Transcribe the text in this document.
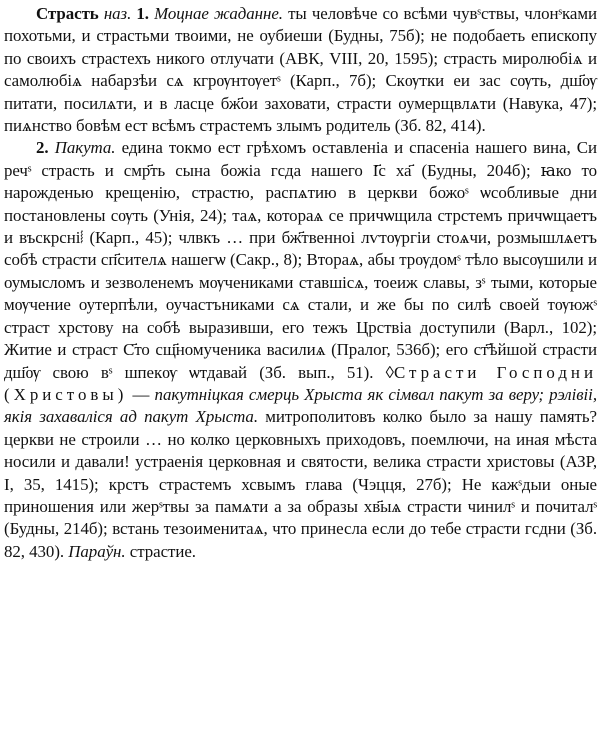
Страсть наз. 1. Моцнае жаданне. ты человѣче со всѣми чувˢствы, члонˢками похотьми, и страстьми твоими, не оубиеши (Будны, 75б); не подобаеть епископу по своихъ страстехъ никого отлучати (АВК, VIII, 20, 1595); страсть миролюбіѧ и самолюбіѧ набарзѣи сѧ кгрѹнтѹетˢ (Карп., 7б); Скѹтки еи зас сѹть, дш҃ѹ питати, посилѧти, и в ласце бж҃ои заховати, страсти оумерщвлѧти (Навука, 47); пиѧнство бовѣм ест всѣмъ страстемъ злымъ родитель (Зб. 82, 414).

2. Пакута. едина токмо ест грѣхомъ оставленіа и спасеніа нашего вина, Си речˢ страсть и смр҃ть сына божіа гсда нашего І҃с ха҃ (Будны, 204б); ꙗко то нарожденью крещенію, страстю, распѧтию в церкви божоˢ ѡсобливые дни постановлены сѹть (Унія, 24); таѧ, котораѧ се причѡщила стрстемъ причѡщаетъ и въскрсні𝆃 (Карп., 45); члвкъ … при бж҃твенноi лѵтѹргіи стоѧчи, розмышлѧетъ собѣ страсти сп҃сителѧ нашегѡ (Сакр., 8); Втораѧ, абы трѹдомˢ тѣло высѹшили и оумысломъ и зезволенемъ мѹчениками ставшісѧ, тоеиж славы, зˢ тыми, которые мѹчение оутерпѣли, оучастъниками сѧ стали, и же бы по силѣ своей тѹюжˢ страст хрстову на собѣ выразивши, его тежъ Црствіа доступили (Варл., 102); Житие и страст С҃то сщ҃номученика василиѧ (Пралог, 536б); его ст҃ѣйшой страсти дш҃ѹ свою вˢ шпекѹ ѡтдавай (Зб. вып., 51). ◊Страсти Господни (Христовы) — пакутніцкая смерць Хрыста як сімвал пакут за веру; рэлівіі, якія захаваліся ад пакут Хрыста. митрополитовъ колко было за нашу память? церкви не строили … но колко церковныхъ приходовъ, поемлючи, на иная мѣста носили и давали! устраенія церковная и святости, велика страсти христовы (АЗР, I, 35, 1415); крстъ страстемъ хсвымъ глава (Чэцця, 27б); Не кажˢдыи оные приношения или жерˢтвы за памѧти а за образы хв҃ыѧ страсти чинилˢ и почиталˢ (Будны, 214б); встань тезоименитаѧ, что принесла если до тебе страсти гсдни (Зб. 82, 430). Параўн. страстие.
